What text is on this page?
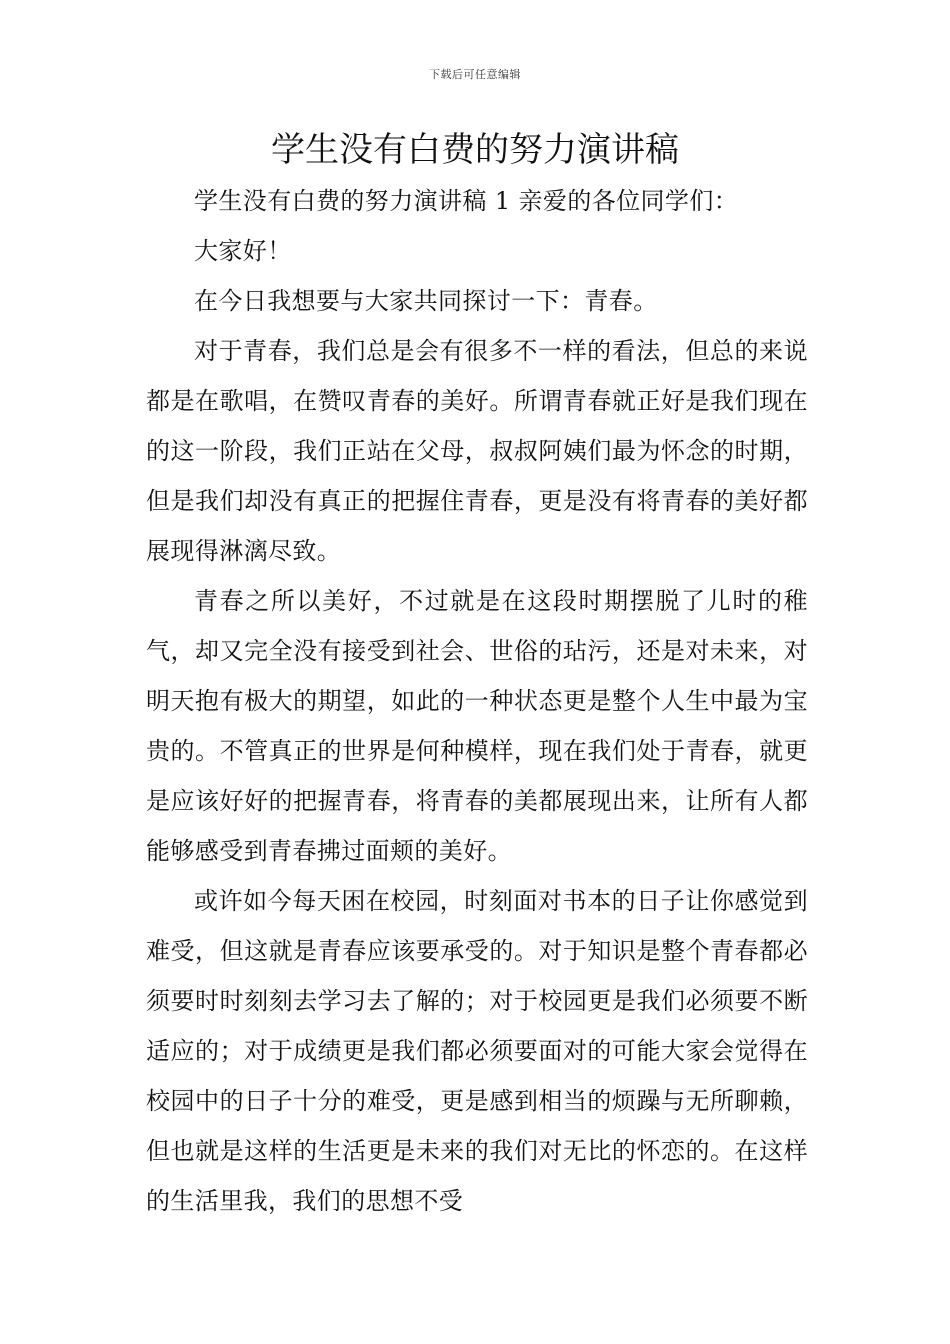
下载后可任意编辑
学生没有白费的努力演讲稿

学生没有白费的努力演讲稿 1 亲爱的各位同学们：

大家好！

在今日我想要与大家共同探讨一下：青春。

对于青春，我们总是会有很多不一样的看法，但总的来说都是在歌唱，在赞叹青春的美好。所谓青春就正好是我们现在的这一阶段，我们正站在父母，叔叔阿姨们最为怀念的时期，但是我们却没有真正的把握住青春，更是没有将青春的美好都展现得淋漓尽致。

青春之所以美好，不过就是在这段时期摆脱了儿时的稚气，却又完全没有接受到社会、世俗的玷污，还是对未来，对明天抱有极大的期望，如此的一种状态更是整个人生中最为宝贵的。不管真正的世界是何种模样，现在我们处于青春，就更是应该好好的把握青春，将青春的美都展现出来，让所有人都能够感受到青春拂过面颊的美好。

或许如今每天困在校园，时刻面对书本的日子让你感觉到难受，但这就是青春应该要承受的。对于知识是整个青春都必须要时时刻刻去学习去了解的；对于校园更是我们必须要不断适应的；对于成绩更是我们都必须要面对的可能大家会觉得在校园中的日子十分的难受，更是感到相当的烦躁与无所聊赖，但也就是这样的生活更是未来的我们对无比的怀恋的。在这样的生活里我，我们的思想不受
